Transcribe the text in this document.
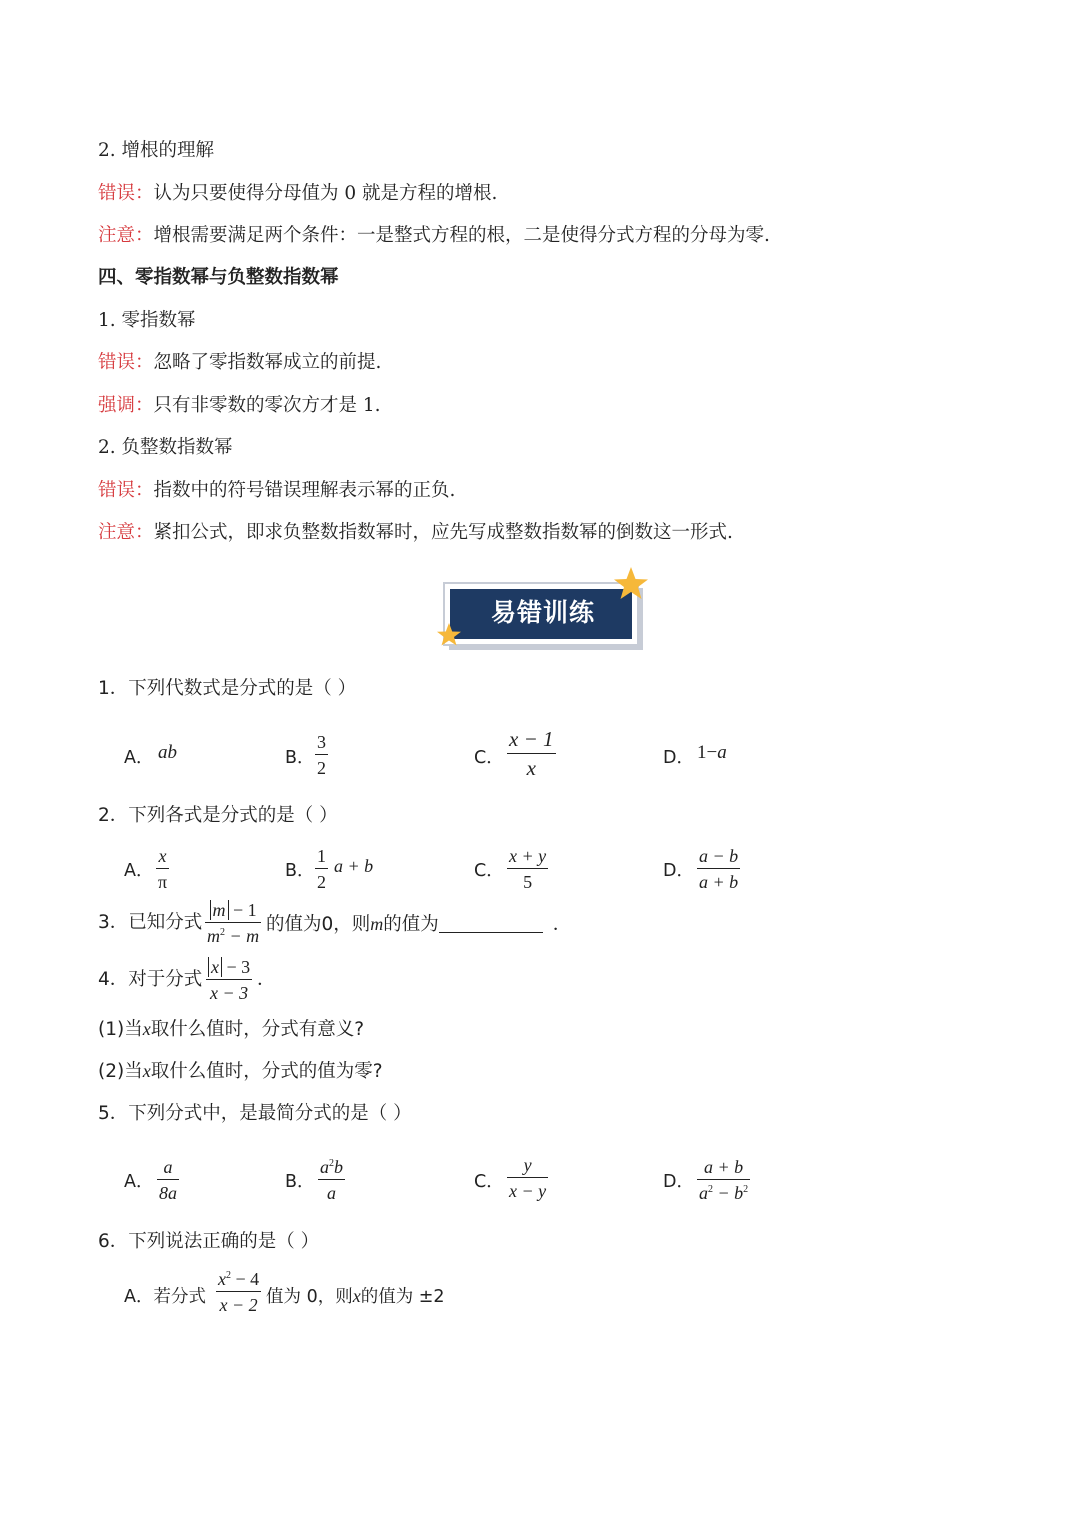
2. 增根的理解
错误：认为只要使得分母值为 0 就是方程的增根.
注意：增根需要满足两个条件：一是整式方程的根，二是使得分式方程的分母为零.
四、零指数幂与负整数指数幂
1. 零指数幂
错误：忽略了零指数幂成立的前提.
强调：只有非零数的零次方才是 1.
2. 负整数指数幂
错误：指数中的符号错误理解表示幂的正负.
注意：紧扣公式，即求负整数指数幂时，应先写成整数指数幂的倒数这一形式.
易错训练
1．下列代数式是分式的是（ ）
A． ab	B．
3
2	C．
x − 1
x	D． 1−a
2．下列各式是分式的是（ ）
A．
x
π
B．
1
2
a + b	C．
x + y
5
D．
a − b
a + b
3．已知分式
m − 1
$m^2 - m$
的值为0，则m的值为	．
4．对于分式
x − 3
x − 3
．
(1)当x取什么值时，分式有意义?
(2)当x取什么值时，分式的值为零?
5．下列分式中，是最简分式的是（ ）
A．
a
8a
B．
$a^2b$
a
C．
y
x − y	D．
a + b
$a^2 - b^2$
6．下列说法正确的是（ ）
A．若分式
$x^2 - 4$
x − 2 值为 0，则x的值为 ±2
